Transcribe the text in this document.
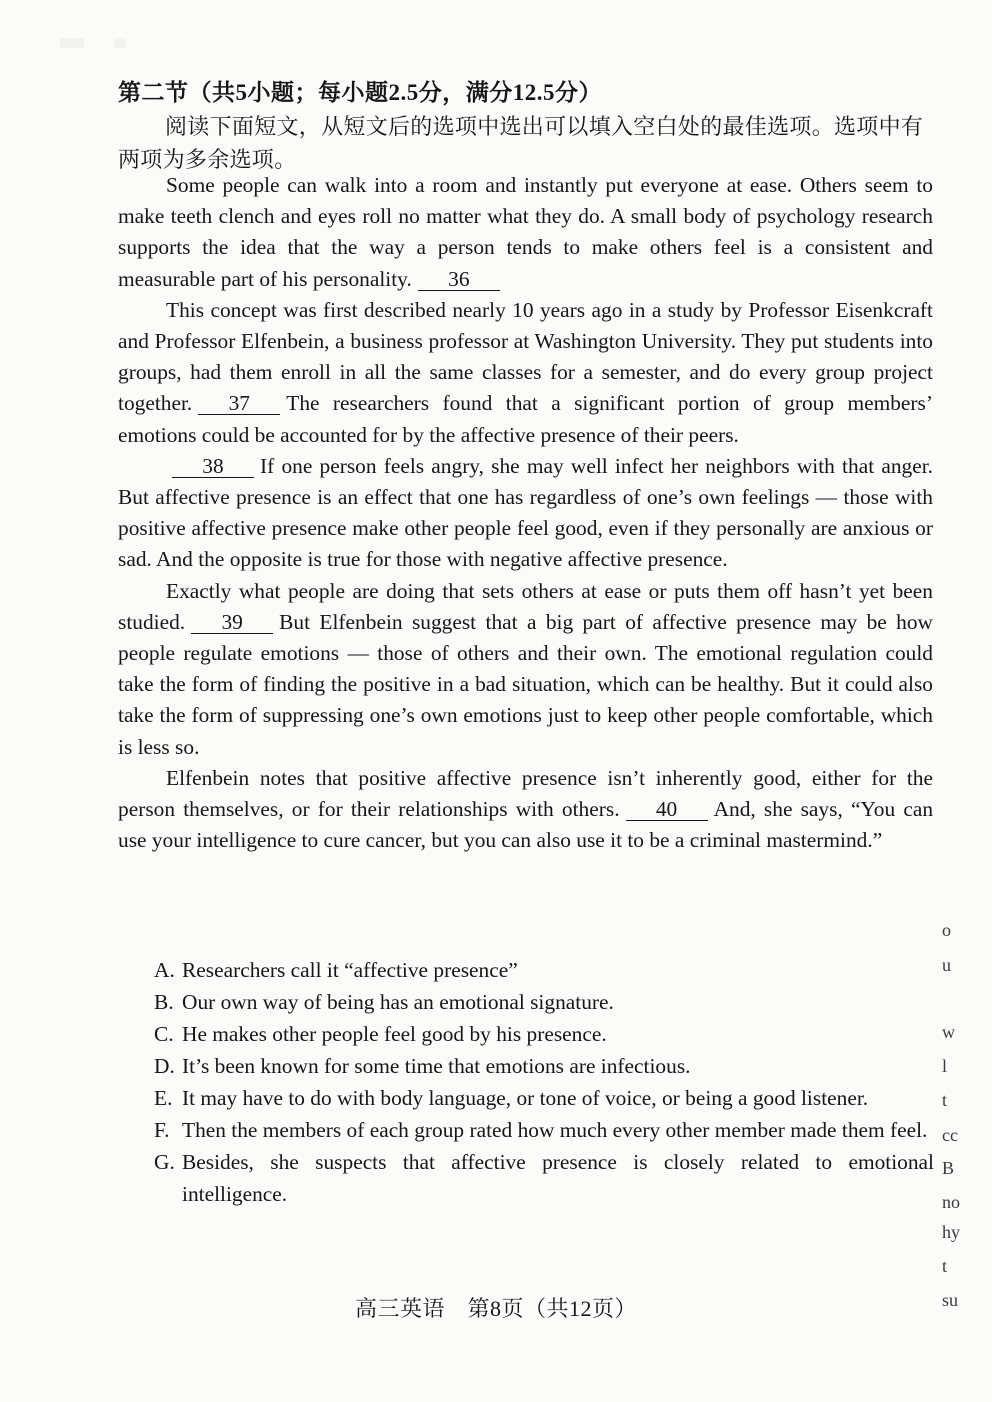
第二节（共5小题；每小题2.5分，满分12.5分）
阅读下面短文，从短文后的选项中选出可以填入空白处的最佳选项。选项中有两项为多余选项。

Some people can walk into a room and instantly put everyone at ease. Others seem to make teeth clench and eyes roll no matter what they do. A small body of psychology research supports the idea that the way a person tends to make others feel is a consistent and measurable part of his personality. 36

This concept was first described nearly 10 years ago in a study by Professor Eisenkcraft and Professor Elfenbein, a business professor at Washington University. They put students into groups, had them enroll in all the same classes for a semester, and do every group project together. 37 The researchers found that a significant portion of group members’ emotions could be accounted for by the affective presence of their peers.

38 If one person feels angry, she may well infect her neighbors with that anger. But affective presence is an effect that one has regardless of one’s own feelings — those with positive affective presence make other people feel good, even if they personally are anxious or sad. And the opposite is true for those with negative affective presence.

Exactly what people are doing that sets others at ease or puts them off hasn’t yet been studied. 39 But Elfenbein suggest that a big part of affective presence may be how people regulate emotions — those of others and their own. The emotional regulation could take the form of finding the positive in a bad situation, which can be healthy. But it could also take the form of suppressing one’s own emotions just to keep other people comfortable, which is less so.

Elfenbein notes that positive affective presence isn’t inherently good, either for the person themselves, or for their relationships with others. 40 And, she says, “You can use your intelligence to cure cancer, but you can also use it to be a criminal mastermind.”

A. Researchers call it “affective presence”
B. Our own way of being has an emotional signature.
C. He makes other people feel good by his presence.
D. It’s been known for some time that emotions are infectious.
E. It may have to do with body language, or tone of voice, or being a good listener.
F. Then the members of each group rated how much every other member made them feel.
G. Besides, she suspects that affective presence is closely related to emotional intelligence.
o
u
w
l
t
cc
B
no
hy
t
su
高三英语　第8页（共12页）
